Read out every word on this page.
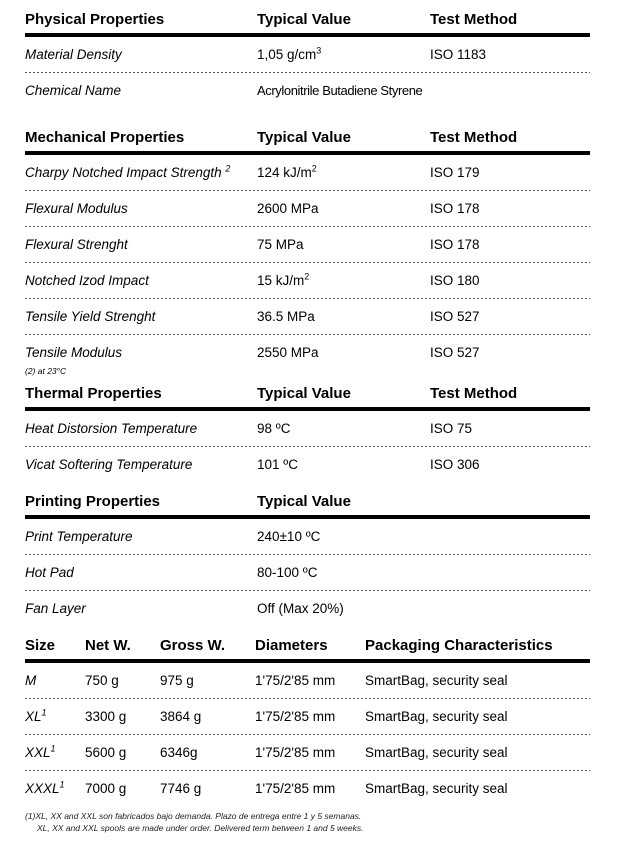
Physical Properties	Typical Value	Test Method
Material Density	1,05 $g/cm^3$	ISO 1183
Chemical Name	Acrylonitrile Butadiene Styrene
Mechanical Properties	Typical Value	Test Method
Charpy Notched Impact Strength $^2$	124 $kJ/m^2$	ISO 179
Flexural Modulus	2600 MPa	ISO 178
Flexural Strenght	75 MPa	ISO 178
Notched Izod Impact	15 $kJ/m^2$	ISO 180
Tensile Yield Strenght	36.5 MPa	ISO 527
Tensile Modulus	2550 MPa	ISO 527
(2) at 23°C
Thermal Properties	Typical Value	Test Method
Heat Distorsion Temperature	98 ºC	ISO 75
Vicat Softering Temperature	101 ºC	ISO 306
Printing Properties	Typical Value
Print Temperature	240±10 ºC
Hot Pad	80-100 ºC
Fan Layer	Off (Max 20%)
Size	Net W.	Gross W.	Diameters	Packaging Characteristics
M	750 g	975 g	1'75/2'85 mm	SmartBag, security seal
$XL^1$	3300 g	3864 g	1'75/2'85 mm	SmartBag, security seal
XXL$^1$	5600 g	6346g	1'75/2'85 mm	SmartBag, security seal
XXXL$^1$	7000 g	7746 g	1'75/2'85 mm	SmartBag, security seal
(1)XL, XX and XXL son fabricados bajo demanda. Plazo de entrega entre 1 y 5 semanas.
XL, XX and XXL spools are made under order. Delivered term between 1 and 5 weeks.
